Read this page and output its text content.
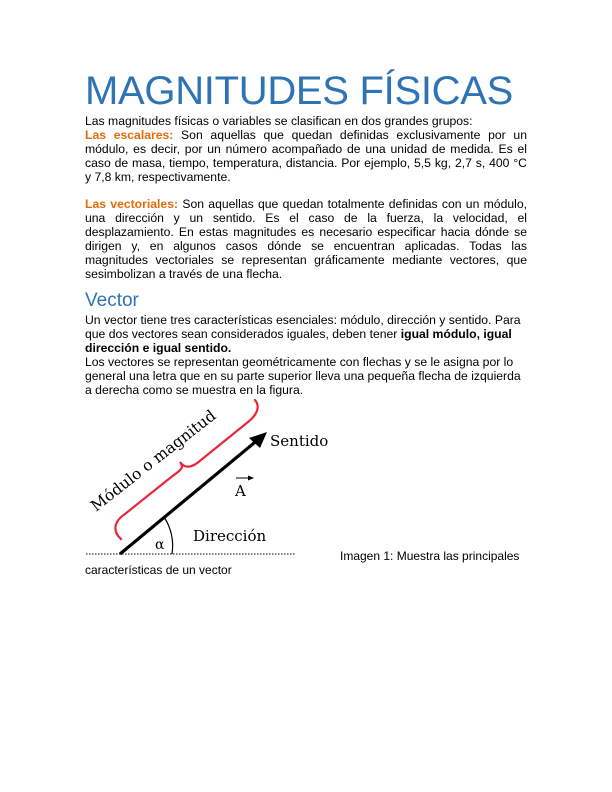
MAGNITUDES FÍSICAS
Las magnitudes físicas o variables se clasifican en dos grandes grupos:
Las escalares: Son aquellas que quedan definidas exclusivamente por un módulo, es decir, por un número acompañado de una unidad de medida. Es el caso de masa, tiempo, temperatura, distancia. Por ejemplo, 5,5 kg, 2,7 s, 400 °C y 7,8 km, respectivamente.
Las vectoriales: Son aquellas que quedan totalmente definidas con un módulo, una dirección y un sentido. Es el caso de la fuerza, la velocidad, el desplazamiento. En estas magnitudes es necesario especificar hacia dónde se dirigen y, en algunos casos dónde se encuentran aplicadas. Todas las magnitudes vectoriales se representan gráficamente mediante vectores, que sesimbolizan a través de una flecha.
Vector
Un vector tiene tres características esenciales: módulo, dirección y sentido. Para que dos vectores sean considerados iguales, deben tener igual módulo, igual dirección e igual sentido.
Los vectores se representan geométricamente con flechas y se le asigna por lo general una letra que en su parte superior lleva una pequeña flecha de izquierda a derecha como se muestra en la figura.
Módulo o magnitud	Sentido
A
Dirección
α
Imagen 1: Muestra las principales
características de un vector
